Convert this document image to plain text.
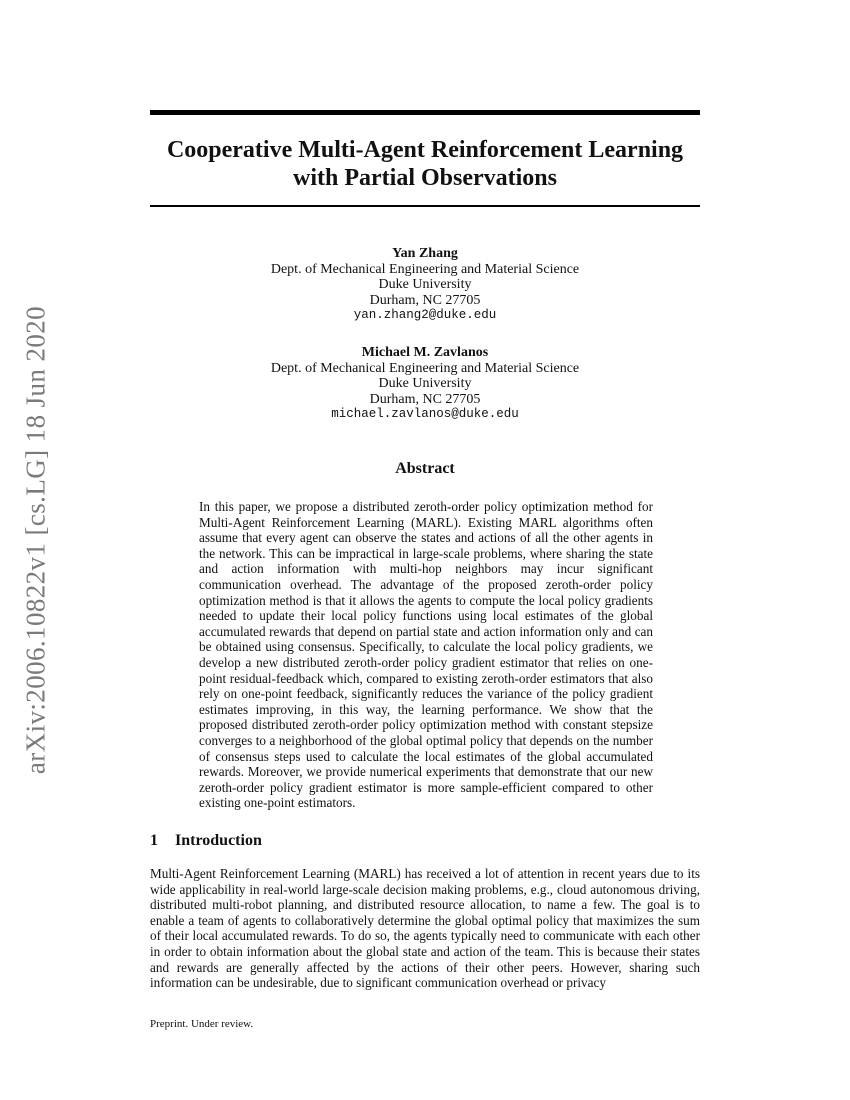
arXiv:2006.10822v1 [cs.LG] 18 Jun 2020
Cooperative Multi-Agent Reinforcement Learning
with Partial Observations
Yan Zhang
Dept. of Mechanical Engineering and Material Science
Duke University
Durham, NC 27705
yan.zhang2@duke.edu
Michael M. Zavlanos
Dept. of Mechanical Engineering and Material Science
Duke University
Durham, NC 27705
michael.zavlanos@duke.edu
Abstract
In this paper, we propose a distributed zeroth-order policy optimization method for Multi-Agent Reinforcement Learning (MARL). Existing MARL algorithms often assume that every agent can observe the states and actions of all the other agents in the network. This can be impractical in large-scale problems, where sharing the state and action information with multi-hop neighbors may incur significant communication overhead. The advantage of the proposed zeroth-order policy optimization method is that it allows the agents to compute the local policy gradients needed to update their local policy functions using local estimates of the global accumulated rewards that depend on partial state and action information only and can be obtained using consensus. Specifically, to calculate the local policy gradients, we develop a new distributed zeroth-order policy gradient estimator that relies on one-point residual-feedback which, compared to existing zeroth-order estimators that also rely on one-point feedback, significantly reduces the variance of the policy gradient estimates improving, in this way, the learning performance. We show that the proposed distributed zeroth-order policy optimization method with constant stepsize converges to a neighborhood of the global optimal policy that depends on the number of consensus steps used to calculate the local estimates of the global accumulated rewards. Moreover, we provide numerical experiments that demonstrate that our new zeroth-order policy gradient estimator is more sample-efficient compared to other existing one-point estimators.
1 Introduction
Multi-Agent Reinforcement Learning (MARL) has received a lot of attention in recent years due to its wide applicability in real-world large-scale decision making problems, e.g., cloud autonomous driving, distributed multi-robot planning, and distributed resource allocation, to name a few. The goal is to enable a team of agents to collaboratively determine the global optimal policy that maximizes the sum of their local accumulated rewards. To do so, the agents typically need to communicate with each other in order to obtain information about the global state and action of the team. This is because their states and rewards are generally affected by the actions of their other peers. However, sharing such information can be undesirable, due to significant communication overhead or privacy
Preprint. Under review.
